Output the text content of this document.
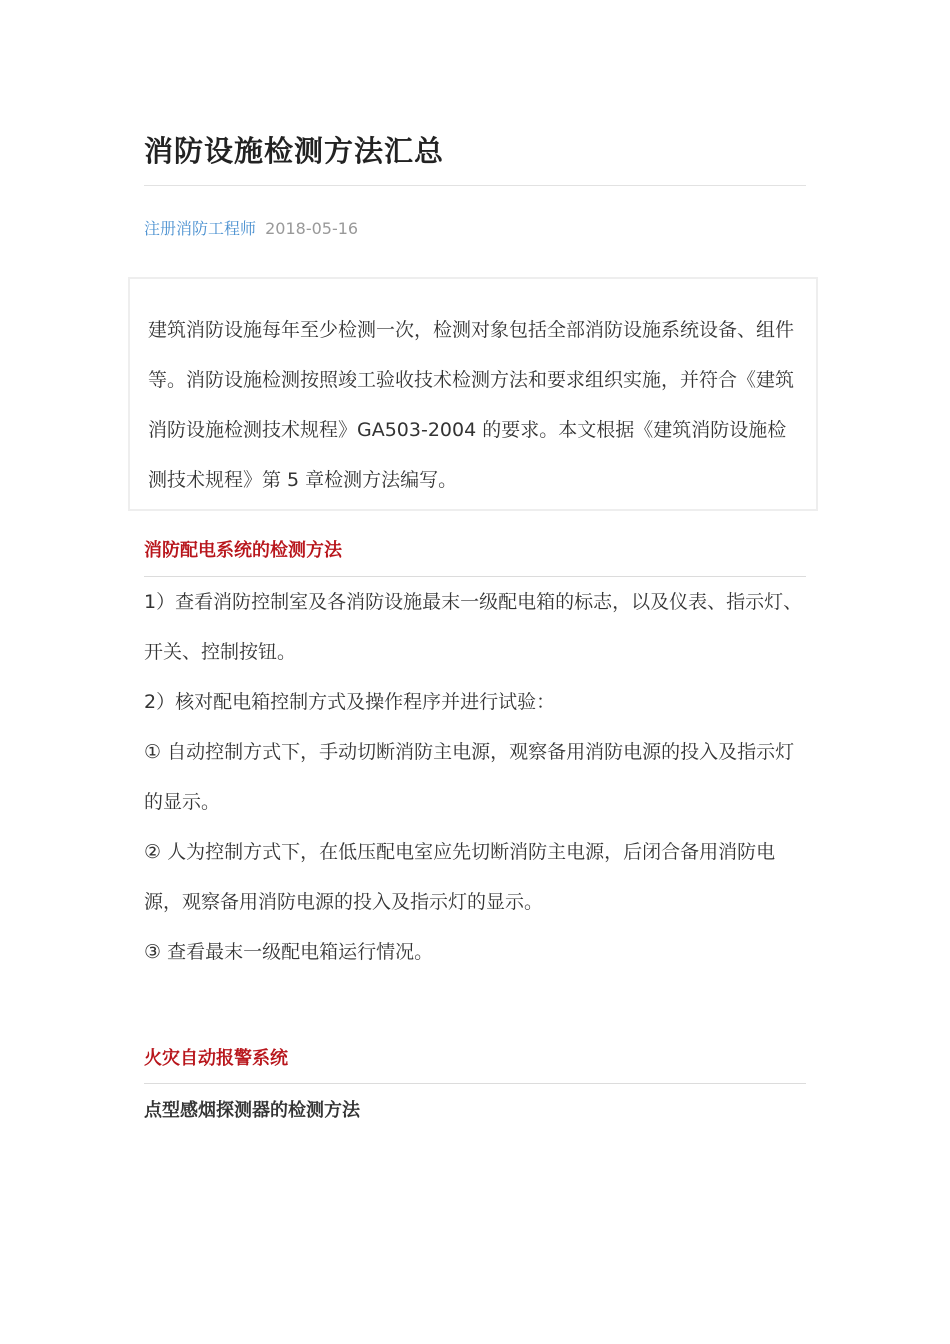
消防设施检测方法汇总
注册消防工程师 2018-05-16

建筑消防设施每年至少检测一次，检测对象包括全部消防设施系统设备、组件等。消防设施检测按照竣工验收技术检测方法和要求组织实施，并符合《建筑消防设施检测技术规程》GA503-2004 的要求。本文根据《建筑消防设施检测技术规程》第 5 章检测方法编写。

消防配电系统的检测方法

1）查看消防控制室及各消防设施最末一级配电箱的标志，以及仪表、指示灯、开关、控制按钮。

2）核对配电箱控制方式及操作程序并进行试验：

① 自动控制方式下，手动切断消防主电源，观察备用消防电源的投入及指示灯的显示。

② 人为控制方式下，在低压配电室应先切断消防主电源，后闭合备用消防电源，观察备用消防电源的投入及指示灯的显示。

③ 查看最末一级配电箱运行情况。

火灾自动报警系统
点型感烟探测器的检测方法
